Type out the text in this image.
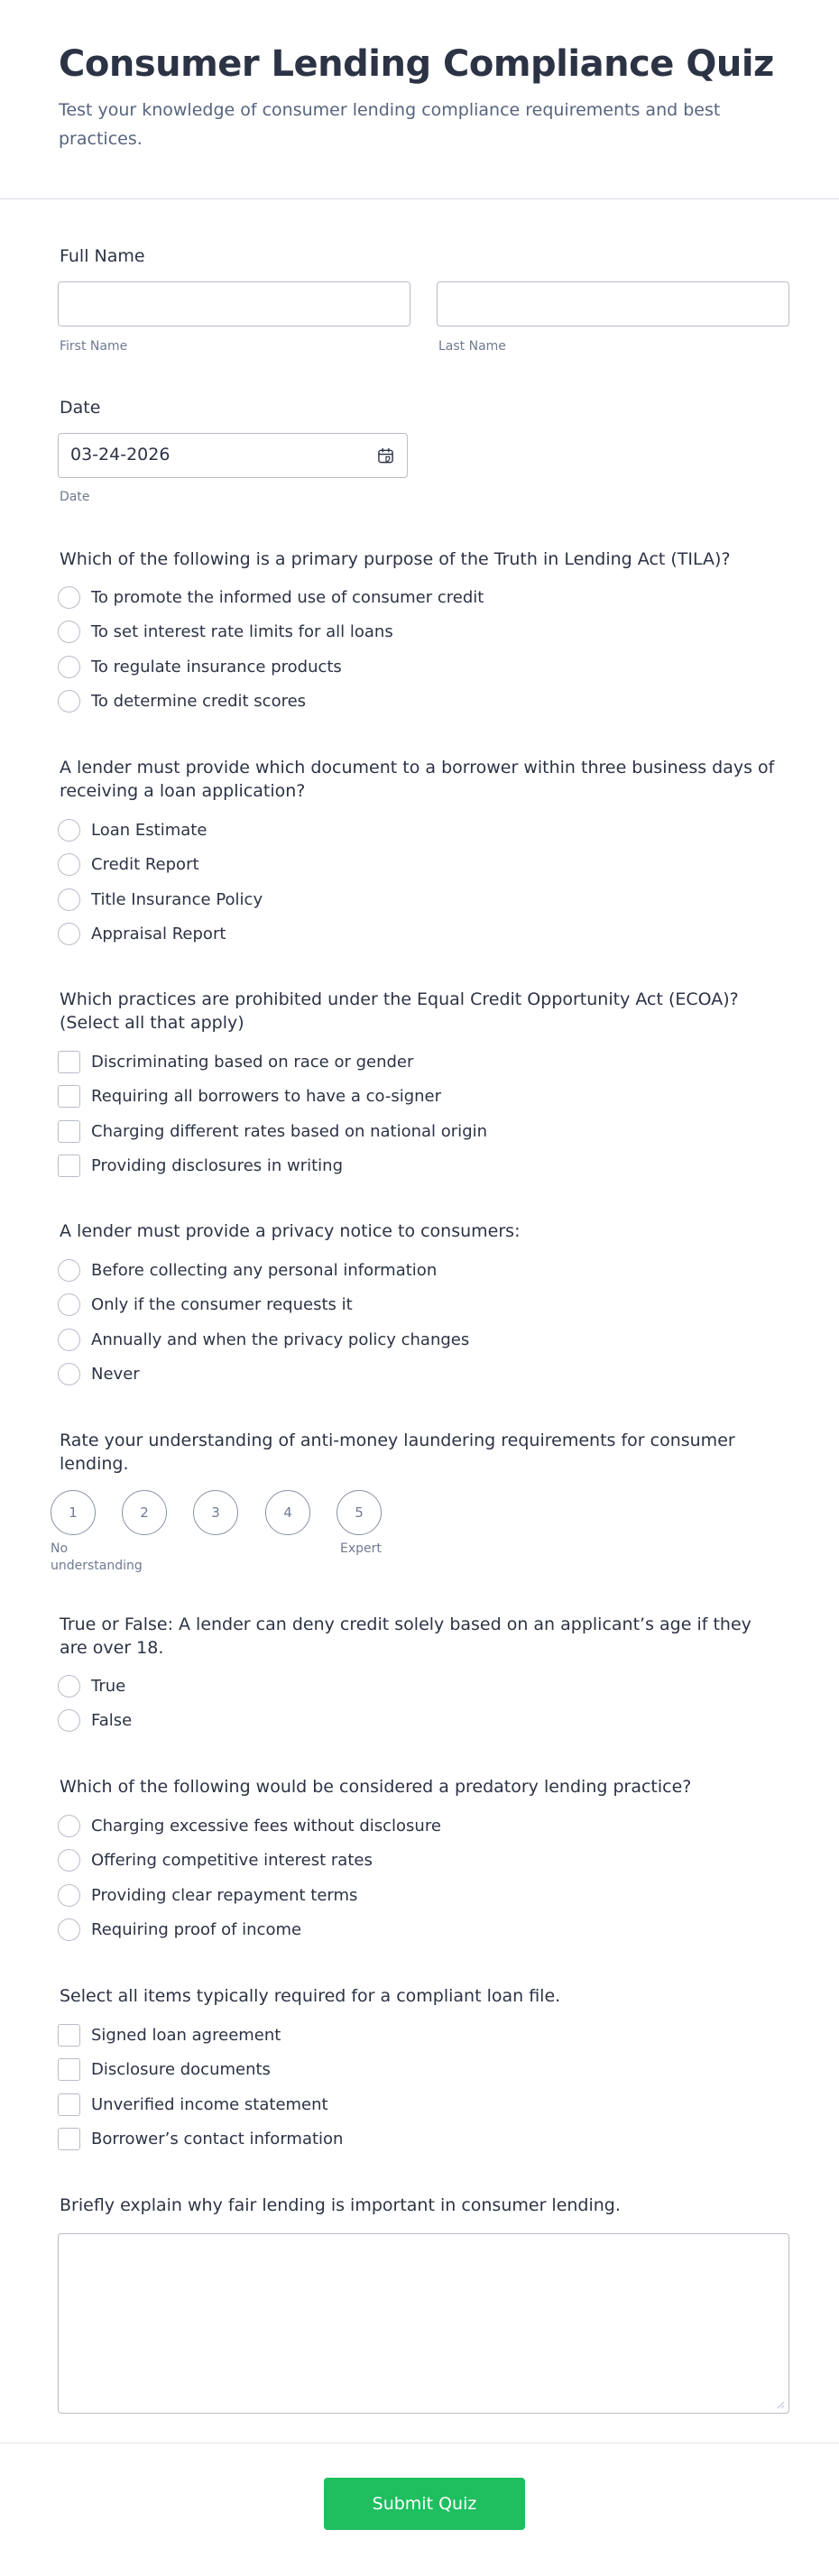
Consumer Lending Compliance Quiz

Test your knowledge of consumer lending compliance requirements and best practices.

Full Name
First Name	Last Name
Date
03-24-2026
Date
Which of the following is a primary purpose of the Truth in Lending Act (TILA)?
To promote the informed use of consumer credit
To set interest rate limits for all loans
To regulate insurance products
To determine credit scores
A lender must provide which document to a borrower within three business days of receiving a loan application?
Loan Estimate
Credit Report
Title Insurance Policy
Appraisal Report
Which practices are prohibited under the Equal Credit Opportunity Act (ECOA)? (Select all that apply)
Discriminating based on race or gender
Requiring all borrowers to have a co-signer
Charging different rates based on national origin
Providing disclosures in writing
A lender must provide a privacy notice to consumers:
Before collecting any personal information
Only if the consumer requests it
Annually and when the privacy policy changes
Never
Rate your understanding of anti-money laundering requirements for consumer lending.
1	2	3	4	5
No understanding
Expert
True or False: A lender can deny credit solely based on an applicant’s age if they are over 18.
True
False
Which of the following would be considered a predatory lending practice?
Charging excessive fees without disclosure
Offering competitive interest rates
Providing clear repayment terms
Requiring proof of income
Select all items typically required for a compliant loan file.
Signed loan agreement
Disclosure documents
Unverified income statement
Borrower’s contact information
Briefly explain why fair lending is important in consumer lending.
Submit Quiz
